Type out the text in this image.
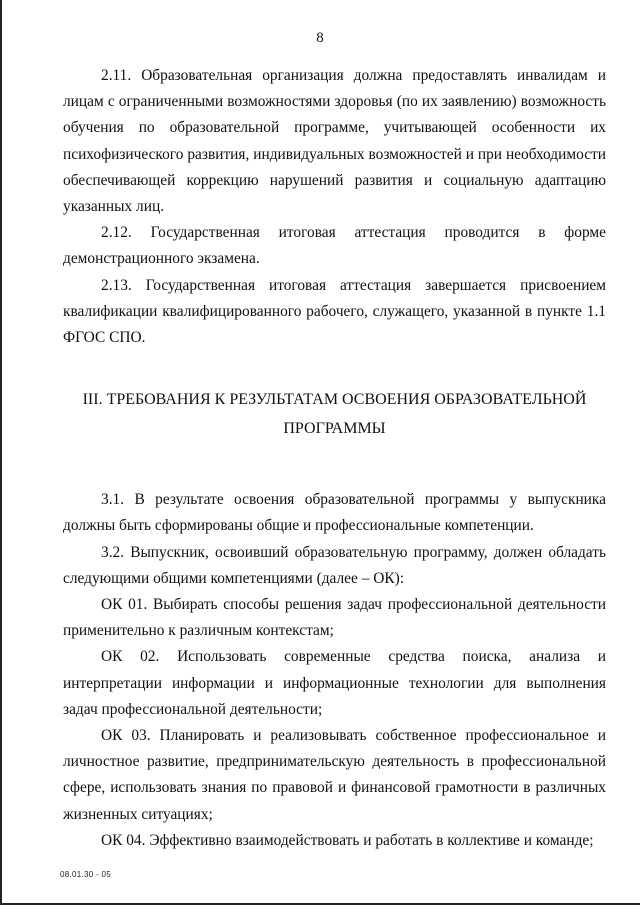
8

2.11. Образовательная организация должна предоставлять инвалидам и лицам с ограниченными возможностями здоровья (по их заявлению) возможность обучения по образовательной программе, учитывающей особенности их психофизического развития, индивидуальных возможностей и при необходимости обеспечивающей коррекцию нарушений развития и социальную адаптацию указанных лиц.

2.12. Государственная итоговая аттестация проводится в форме демонстрационного экзамена.

2.13. Государственная итоговая аттестация завершается присвоением квалификации квалифицированного рабочего, служащего, указанной в пункте 1.1 ФГОС СПО.

III. ТРЕБОВАНИЯ К РЕЗУЛЬТАТАМ ОСВОЕНИЯ ОБРАЗОВАТЕЛЬНОЙ
ПРОГРАММЫ

3.1. В результате освоения образовательной программы у выпускника должны быть сформированы общие и профессиональные компетенции.

3.2. Выпускник, освоивший образовательную программу, должен обладать следующими общими компетенциями (далее – ОК):

ОК 01. Выбирать способы решения задач профессиональной деятельности применительно к различным контекстам;

ОК 02. Использовать современные средства поиска, анализа и интерпретации информации и информационные технологии для выполнения задач профессиональной деятельности;

ОК 03. Планировать и реализовывать собственное профессиональное и личностное развитие, предпринимательскую деятельность в профессиональной сфере, использовать знания по правовой и финансовой грамотности в различных жизненных ситуациях;

ОК 04. Эффективно взаимодействовать и работать в коллективе и команде;

08.01.30 - 05
